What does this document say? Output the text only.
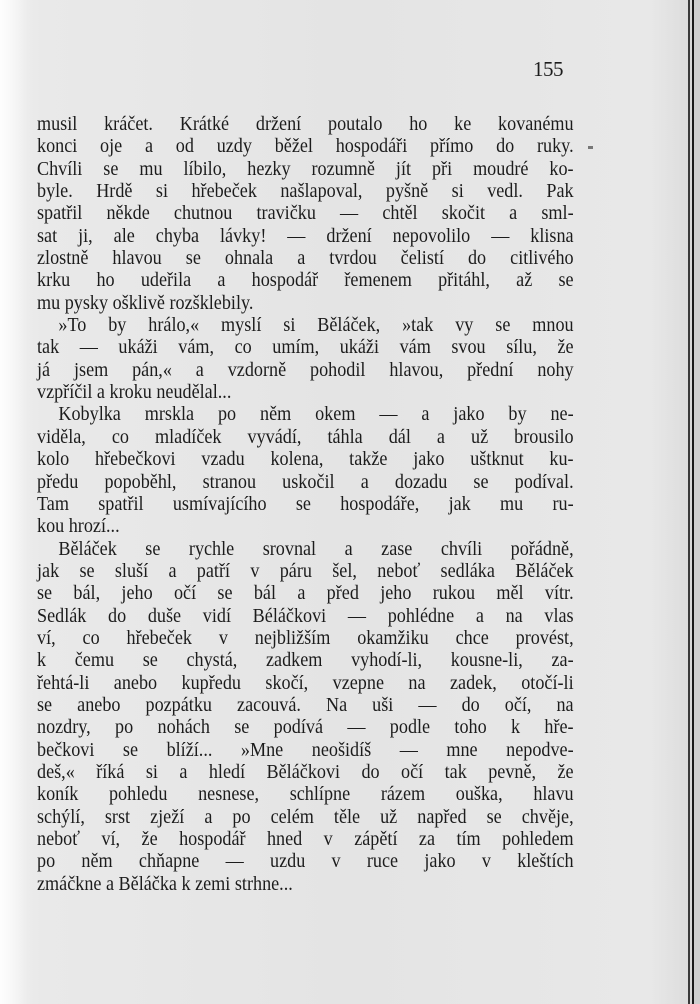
155
musil kráčet. Krátké držení poutalo ho ke kovanému
konci oje a od uzdy běžel hospodáři přímo do ruky.
Chvíli se mu líbilo, hezky rozumně jít při moudré ko-
byle. Hrdě si hřebeček našlapoval, pyšně si vedl. Pak
spatřil někde chutnou travičku — chtěl skočit a sml-
sat ji, ale chyba lávky! — držení nepovolilo — klisna
zlostně hlavou se ohnala a tvrdou čelistí do citlivého
krku ho udeřila a hospodář řemenem přitáhl, až se
mu pysky ošklivě rozšklebily.
»To by hrálo,« myslí si Běláček, »tak vy se mnou
tak — ukáži vám, co umím, ukáži vám svou sílu, že
já jsem pán,« a vzdorně pohodil hlavou, přední nohy
vzpříčil a kroku neudělal...
Kobylka mrskla po něm okem — a jako by ne-
viděla, co mladíček vyvádí, táhla dál a už brousilo
kolo hřebečkovi vzadu kolena, takže jako uštknut ku-
předu popoběhl, stranou uskočil a dozadu se podíval.
Tam spatřil usmívajícího se hospodáře, jak mu ru-
kou hrozí...
Běláček se rychle srovnal a zase chvíli pořádně,
jak se sluší a patří v páru šel, neboť sedláka Běláček
se bál, jeho očí se bál a před jeho rukou měl vítr.
Sedlák do duše vidí Béláčkovi — pohlédne a na vlas
ví, co hřebeček v nejbližším okamžiku chce provést,
k čemu se chystá, zadkem vyhodí-li, kousne-li, za-
řehtá-li anebo kupředu skočí, vzepne na zadek, otočí-li
se anebo pozpátku zacouvá. Na uši — do očí, na
nozdry, po nohách se podívá — podle toho k hře-
bečkovi se blíží... »Mne neošidíš — mne nepodve-
deš,« říká si a hledí Běláčkovi do očí tak pevně, že
koník pohledu nesnese, schlípne rázem ouška, hlavu
schýlí, srst zježí a po celém těle už napřed se chvěje,
neboť ví, že hospodář hned v zápětí za tím pohledem
po něm chňapne — uzdu v ruce jako v kleštích
zmáčkne a Běláčka k zemi strhne...
